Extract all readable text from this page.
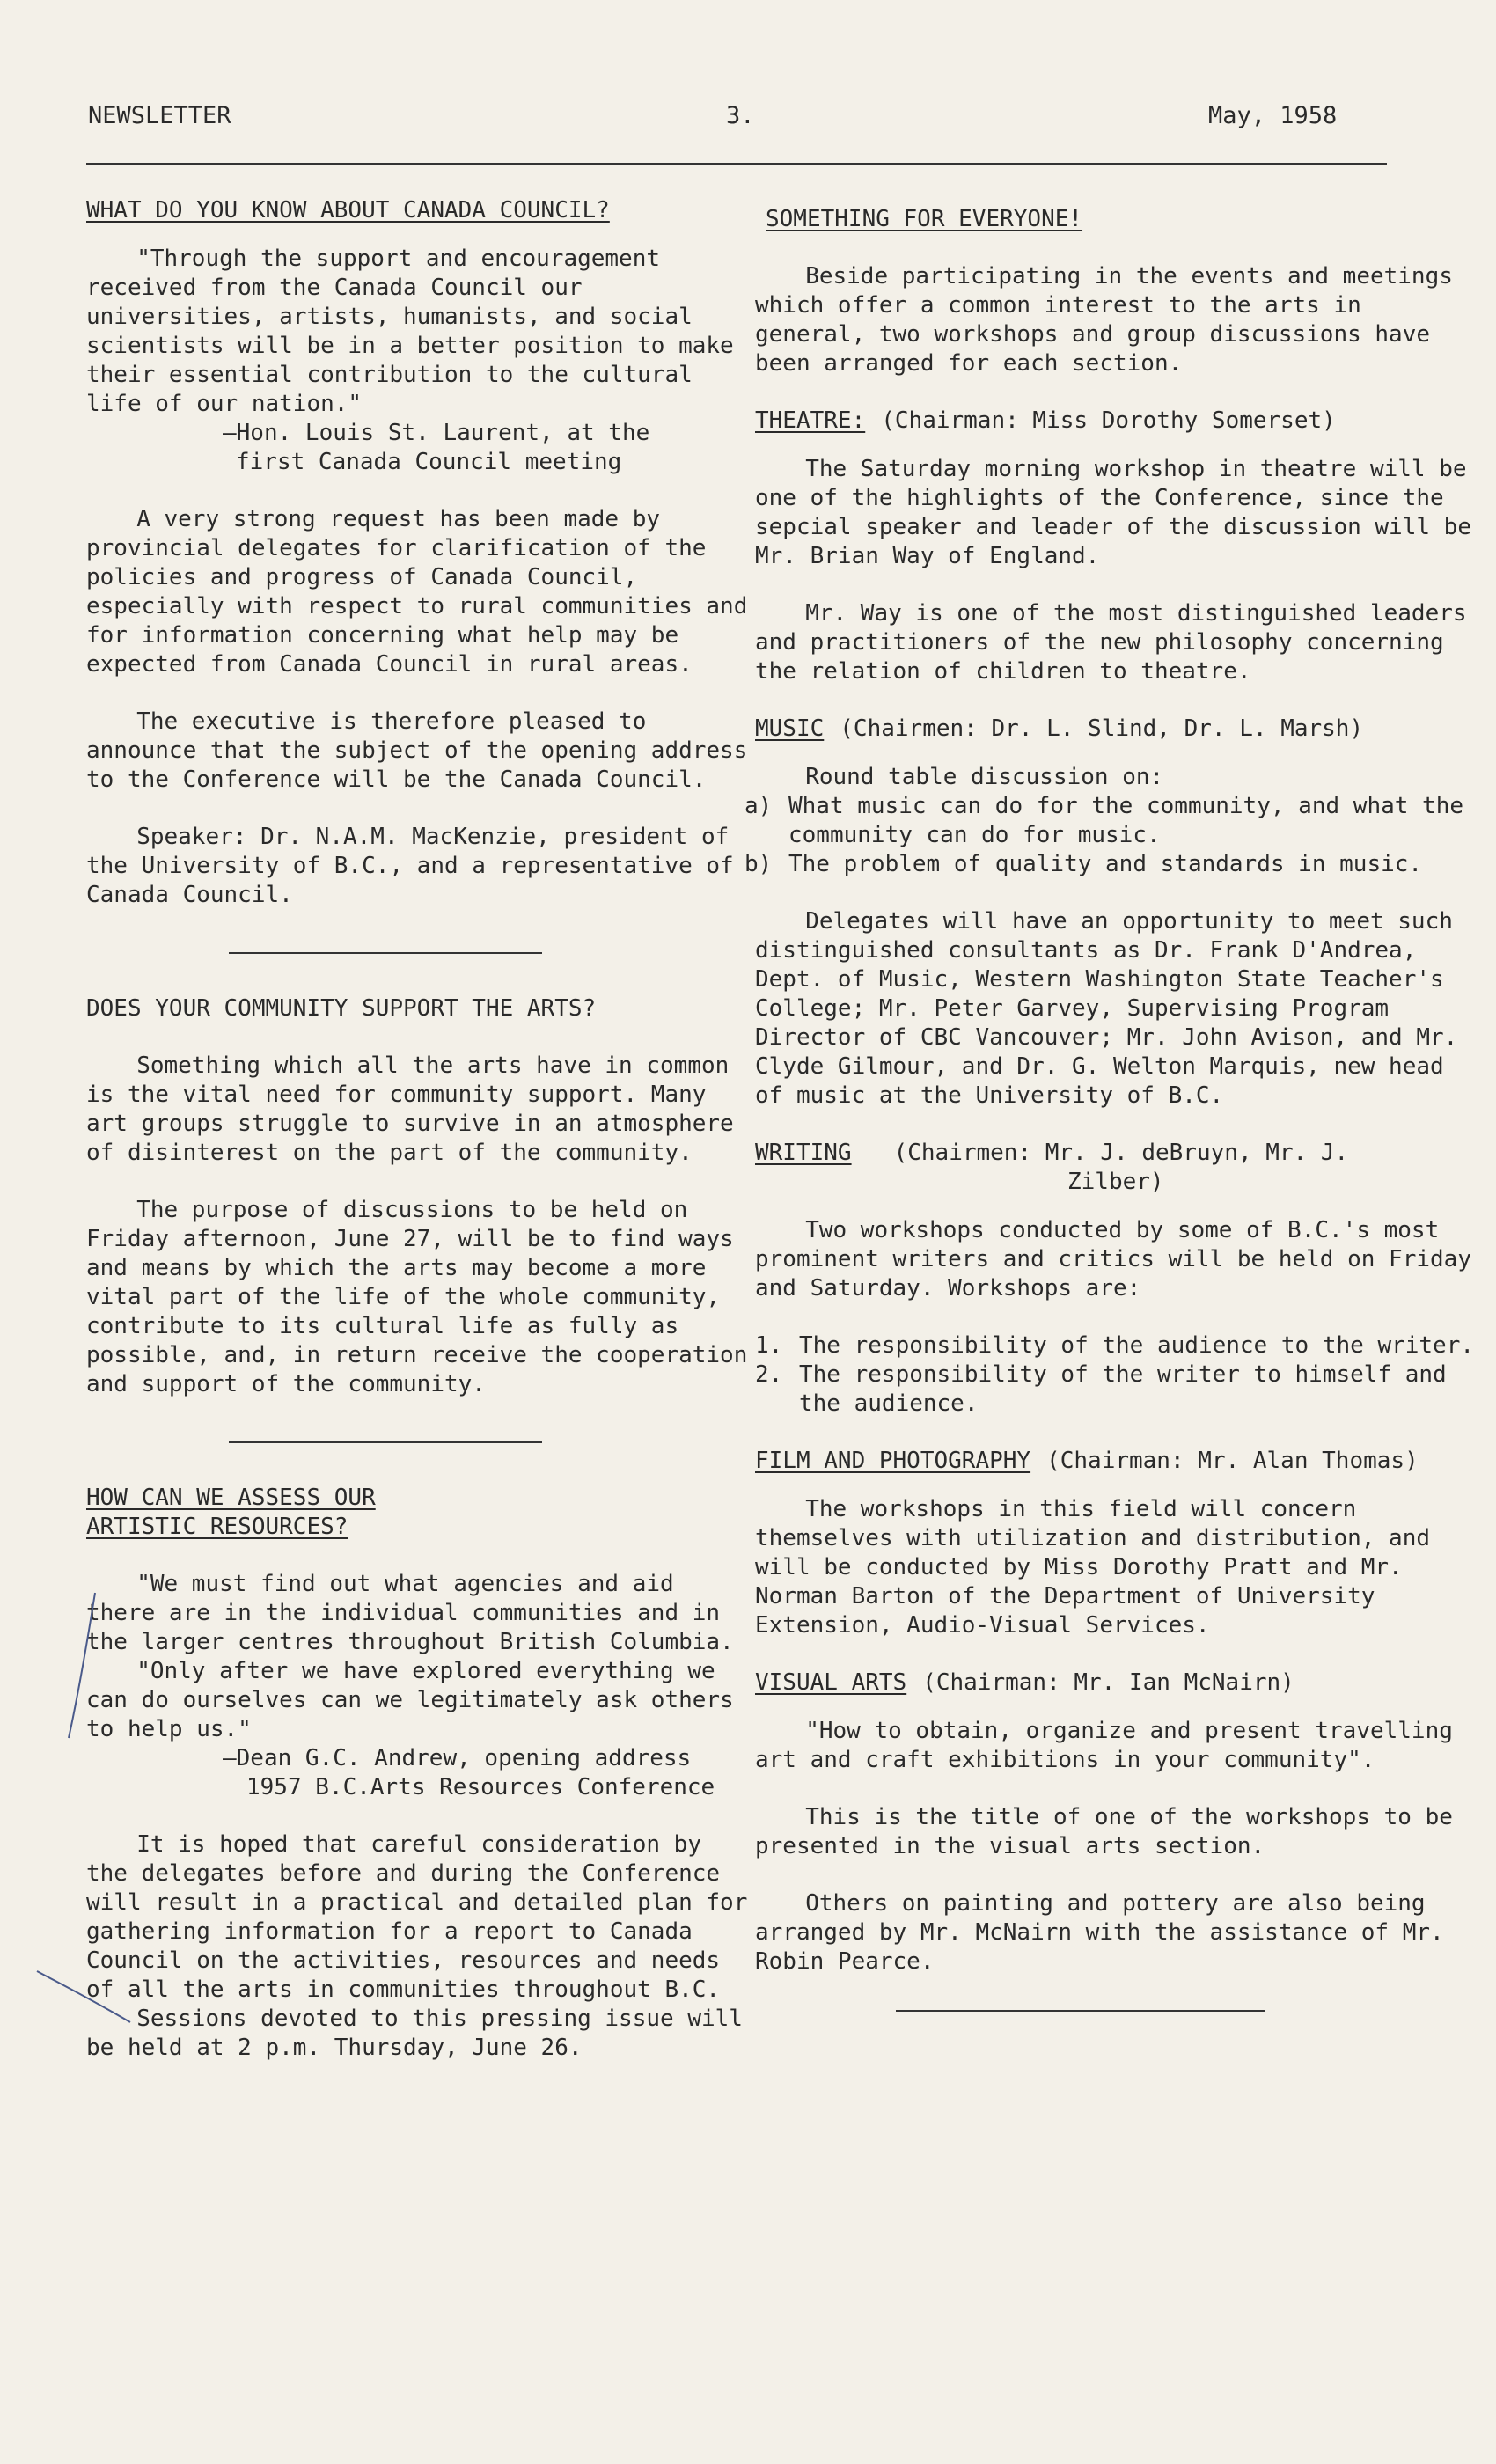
NEWSLETTER	3.	May, 1958
WHAT DO YOU KNOW ABOUT CANADA COUNCIL?

"Through the support and encouragement received from the Canada Council our universities, artists, humanists, and social scientists will be in a better position to make their essential contribution to the cultural life of our nation."

—Hon. Louis St. Laurent, at the
first Canada Council meeting

A very strong request has been made by provincial delegates for clarification of the policies and progress of Canada Council, especially with respect to rural communities and for information concerning what help may be expected from Canada Council in rural areas.

The executive is therefore pleased to announce that the subject of the opening address to the Conference will be the Canada Council.

Speaker: Dr. N.A.M. MacKenzie, president of the University of B.C., and a representative of Canada Council.

DOES YOUR COMMUNITY SUPPORT THE ARTS?

Something which all the arts have in common is the vital need for community support. Many art groups struggle to survive in an atmosphere of disinterest on the part of the community.

The purpose of discussions to be held on Friday afternoon, June 27, will be to find ways and means by which the arts may become a more vital part of the life of the whole community, contribute to its cultural life as fully as possible, and, in return receive the cooperation and support of the community.

HOW CAN WE ASSESS OUR
ARTISTIC RESOURCES?

"We must find out what agencies and aid there are in the individual communities and in the larger centres throughout British Columbia.

"Only after we have explored everything we can do ourselves can we legitimately ask others to help us."

—Dean G.C. Andrew, opening address
1957 B.C.Arts Resources Conference

It is hoped that careful consideration by the delegates before and during the Conference will result in a practical and detailed plan for gathering information for a report to Canada Council on the activities, resources and needs of all the arts in communities throughout B.C.

Sessions devoted to this pressing issue will be held at 2 p.m. Thursday, June 26.

SOMETHING FOR EVERYONE!

Beside participating in the events and meetings which offer a common interest to the arts in general, two workshops and group discussions have been arranged for each section.

THEATRE: (Chairman: Miss Dorothy Somerset)

The Saturday morning workshop in theatre will be one of the highlights of the Conference, since the sepcial speaker and leader of the discussion will be Mr. Brian Way of England.

Mr. Way is one of the most distinguished leaders and practitioners of the new philosophy concerning the relation of children to theatre.

MUSIC (Chairmen: Dr. L. Slind, Dr. L. Marsh)
Round table discussion on:
a) What music can do for the community, and what the community can do for music.
b) The problem of quality and standards in music.

Delegates will have an opportunity to meet such distinguished consultants as Dr. Frank D'Andrea, Dept. of Music, Western Washington State Teacher's College; Mr. Peter Garvey, Supervising Program Director of CBC Vancouver; Mr. John Avison, and Mr. Clyde Gilmour, and Dr. G. Welton Marquis, new head of music at the University of B.C.

WRITING (Chairmen: Mr. J. deBruyn, Mr. J.
Zilber)

Two workshops conducted by some of B.C.'s most prominent writers and critics will be held on Friday and Saturday. Workshops are:

1. The responsibility of the audience to the writer.
2. The responsibility of the writer to himself and the audience.
FILM AND PHOTOGRAPHY (Chairman: Mr. Alan Thomas)

The workshops in this field will concern themselves with utilization and distribution, and will be conducted by Miss Dorothy Pratt and Mr. Norman Barton of the Department of University Extension, Audio-Visual Services.

VISUAL ARTS (Chairman: Mr. Ian McNairn)

"How to obtain, organize and present travelling art and craft exhibitions in your community".

This is the title of one of the workshops to be presented in the visual arts section.

Others on painting and pottery are also being arranged by Mr. McNairn with the assistance of Mr. Robin Pearce.
